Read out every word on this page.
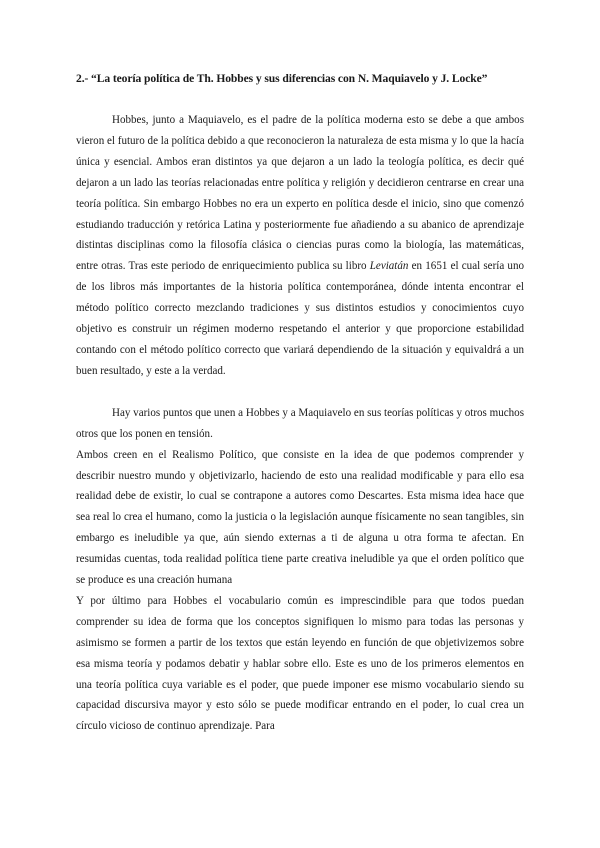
2.- “La teoría política de Th. Hobbes y sus diferencias con N. Maquiavelo y J. Locke”

Hobbes, junto a Maquiavelo, es el padre de la política moderna esto se debe a que ambos vieron el futuro de la política debido a que reconocieron la naturaleza de esta misma y lo que la hacía única y esencial. Ambos eran distintos ya que dejaron a un lado la teología política, es decir qué dejaron a un lado las teorías relacionadas entre política y religión y decidieron centrarse en crear una teoría política. Sin embargo Hobbes no era un experto en política desde el inicio, sino que comenzó estudiando traducción y retórica Latina y posteriormente fue añadiendo a su abanico de aprendizaje distintas disciplinas como la filosofía clásica o ciencias puras como la biología, las matemáticas, entre otras. Tras este periodo de enriquecimiento publica su libro Leviatán en 1651 el cual sería uno de los libros más importantes de la historia política contemporánea, dónde intenta encontrar el método político correcto mezclando tradiciones y sus distintos estudios y conocimientos cuyo objetivo es construir un régimen moderno respetando el anterior y que proporcione estabilidad contando con el método político correcto que variará dependiendo de la situación y equivaldrá a un buen resultado, y este a la verdad.

Hay varios puntos que unen a Hobbes y a Maquiavelo en sus teorías políticas y otros muchos otros que los ponen en tensión.

Ambos creen en el Realismo Político, que consiste en la idea de que podemos comprender y describir nuestro mundo y objetivizarlo, haciendo de esto una realidad modificable y para ello esa realidad debe de existir, lo cual se contrapone a autores como Descartes. Esta misma idea hace que sea real lo crea el humano, como la justicia o la legislación aunque físicamente no sean tangibles, sin embargo es ineludible ya que, aún siendo externas a ti de alguna u otra forma te afectan. En resumidas cuentas, toda realidad política tiene parte creativa ineludible ya que el orden político que se produce es una creación humana

Y por último para Hobbes el vocabulario común es imprescindible para que todos puedan comprender su idea de forma que los conceptos signifiquen lo mismo para todas las personas y asimismo se formen a partir de los textos que están leyendo en función de que objetivizemos sobre esa misma teoría y podamos debatir y hablar sobre ello. Este es uno de los primeros elementos en una teoría política cuya variable es el poder, que puede imponer ese mismo vocabulario siendo su capacidad discursiva mayor y esto sólo se puede modificar entrando en el poder, lo cual crea un círculo vicioso de continuo aprendizaje. Para
